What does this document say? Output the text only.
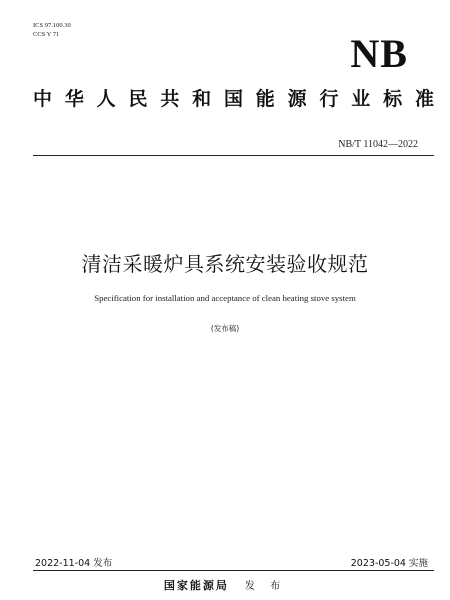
ICS 97.100.30
CCS Y 71	NB
中 华 人 民 共 和 国 能 源 行 业 标 准
NB/T 11042—2022
清洁采暖炉具系统安装验收规范
Specification for installation and acceptance of clean heating stove system
(发布稿)
2022-11-04 发布	2023-05-04 实施
国家能源局 发 布
